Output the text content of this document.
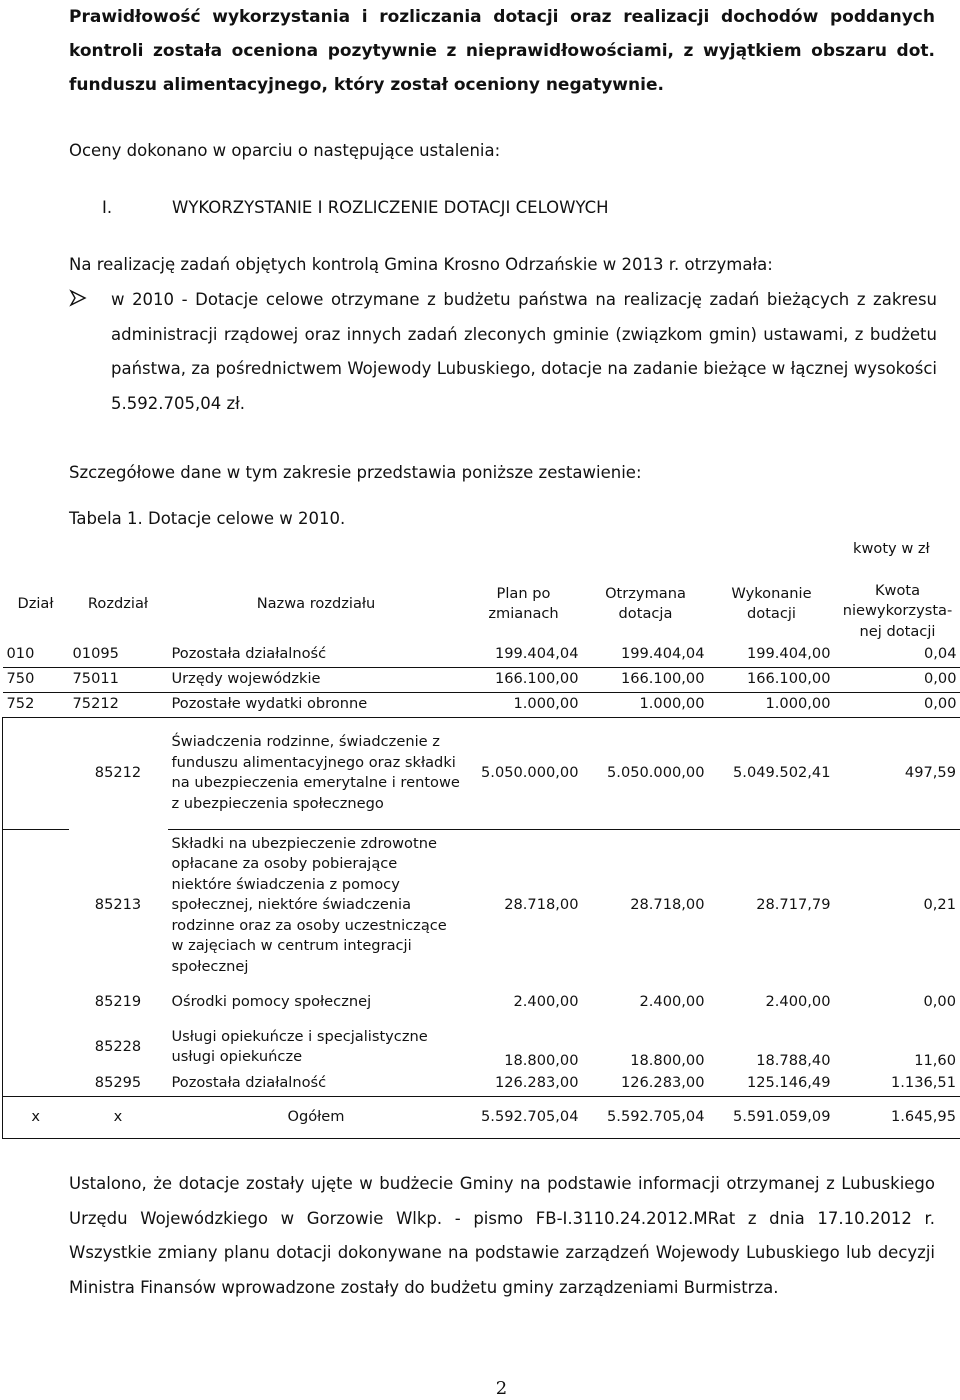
Prawidłowość wykorzystania i rozliczania dotacji oraz realizacji dochodów poddanych kontroli została oceniona pozytywnie z nieprawidłowościami, z wyjątkiem obszaru dot. funduszu alimentacyjnego, który został oceniony negatywnie.
Oceny dokonano w oparciu o następujące ustalenia:
I.	WYKORZYSTANIE I ROZLICZENIE DOTACJI CELOWYCH
Na realizację zadań objętych kontrolą Gmina Krosno Odrzańskie w 2013 r. otrzymała:
w 2010 - Dotacje celowe otrzymane z budżetu państwa na realizację zadań bieżących z zakresu administracji rządowej oraz innych zadań zleconych gminie (związkom gmin) ustawami, z budżetu państwa, za pośrednictwem Wojewody Lubuskiego, dotacje na zadanie bieżące w łącznej wysokości 5.592.705,04 zł.
Szczegółowe dane w tym zakresie przedstawia poniższe zestawienie:
Tabela 1. Dotacje celowe w 2010.
kwoty w zł
Dział	Rozdział	Nazwa rozdziału	Plan po zmianach	Otrzymana dotacja	Wykonanie dotacji	Kwota niewykorzysta-nej dotacji
010	01095	Pozostała działalność	199.404,04	199.404,04	199.404,00	0,04
750	75011	Urzędy wojewódzkie	166.100,00	166.100,00	166.100,00	0,00
752	75212	Pozostałe wydatki obronne	1.000,00	1.000,00	1.000,00	0,00
	85212	Świadczenia rodzinne, świadczenie z funduszu alimentacyjnego oraz składki na ubezpieczenia emerytalne i rentowe z ubezpieczenia społecznego	5.050.000,00	5.050.000,00	5.049.502,41	497,59
	85213	Składki na ubezpieczenie zdrowotne opłacane za osoby pobierające niektóre świadczenia z pomocy społecznej, niektóre świadczenia rodzinne oraz za osoby uczestniczące w zajęciach w centrum integracji społecznej	28.718,00	28.718,00	28.717,79	0,21
	85219	Ośrodki pomocy społecznej	2.400,00	2.400,00	2.400,00	0,00
	85228	Usługi opiekuńcze i specjalistyczne usługi opiekuńcze	18.800,00	18.800,00	18.788,40	11,60
	85295	Pozostała działalność	126.283,00	126.283,00	125.146,49	1.136,51
x	x	Ogółem	5.592.705,04	5.592.705,04	5.591.059,09	1.645,95
Ustalono, że dotacje zostały ujęte w budżecie Gminy na podstawie informacji otrzymanej z Lubuskiego Urzędu Wojewódzkiego w Gorzowie Wlkp. - pismo FB-I.3110.24.2012.MRat z dnia 17.10.2012 r. Wszystkie zmiany planu dotacji dokonywane na podstawie zarządzeń Wojewody Lubuskiego lub decyzji Ministra Finansów wprowadzone zostały do budżetu gminy zarządzeniami Burmistrza.
2
